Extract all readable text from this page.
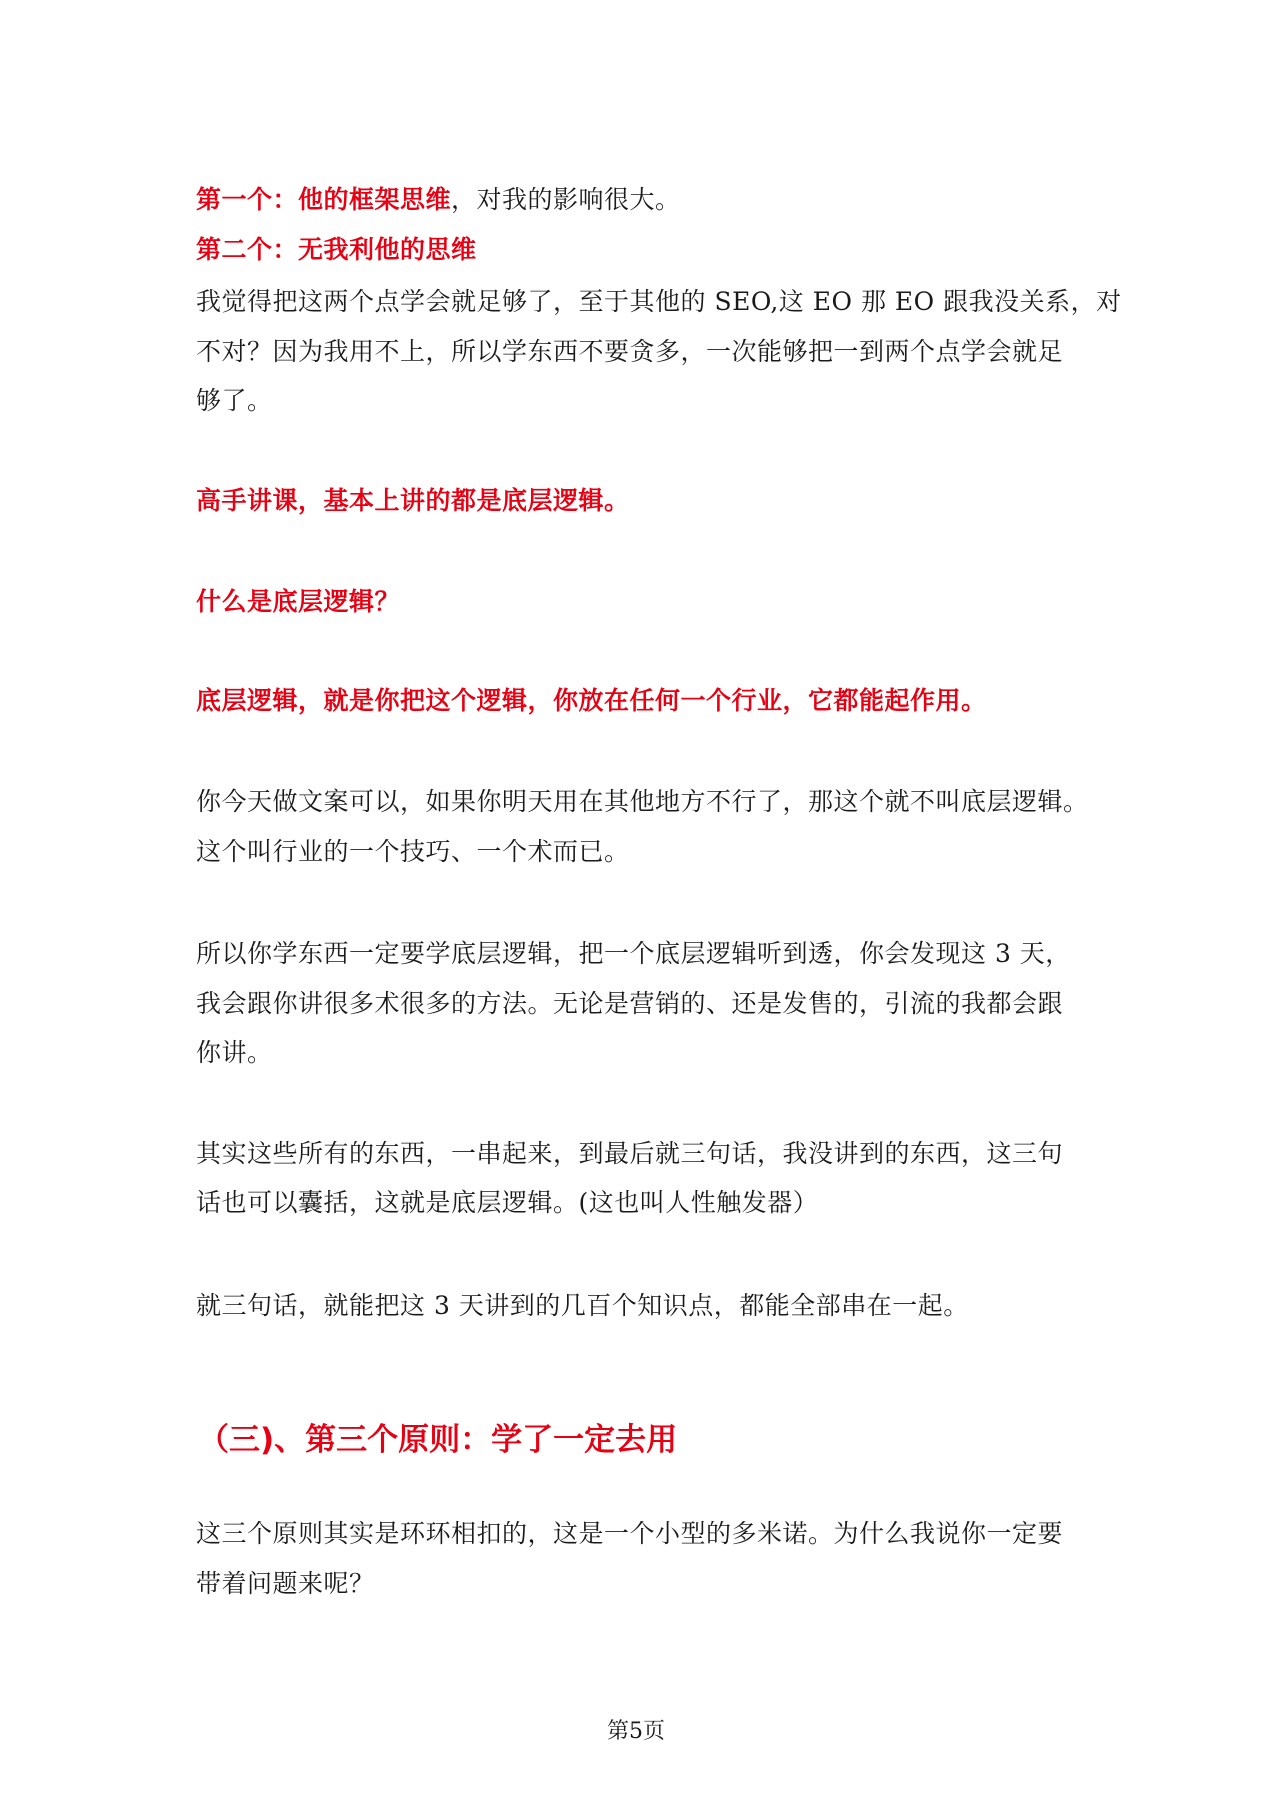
第一个：他的框架思维，对我的影响很大。
第二个：无我利他的思维
我觉得把这两个点学会就足够了，至于其他的 SEO,这 EO 那 EO 跟我没关系，对
不对？因为我用不上，所以学东西不要贪多，一次能够把一到两个点学会就足
够了。
高手讲课，基本上讲的都是底层逻辑。
什么是底层逻辑？
底层逻辑，就是你把这个逻辑，你放在任何一个行业，它都能起作用。
你今天做文案可以，如果你明天用在其他地方不行了，那这个就不叫底层逻辑。
这个叫行业的一个技巧、一个术而已。
所以你学东西一定要学底层逻辑，把一个底层逻辑听到透，你会发现这 3 天，
我会跟你讲很多术很多的方法。无论是营销的、还是发售的，引流的我都会跟
你讲。
其实这些所有的东西，一串起来，到最后就三句话，我没讲到的东西，这三句
话也可以囊括，这就是底层逻辑。(这也叫人性触发器）
就三句话，就能把这 3 天讲到的几百个知识点，都能全部串在一起。
（三)、第三个原则：学了一定去用
这三个原则其实是环环相扣的，这是一个小型的多米诺。为什么我说你一定要
带着问题来呢？
第5页
